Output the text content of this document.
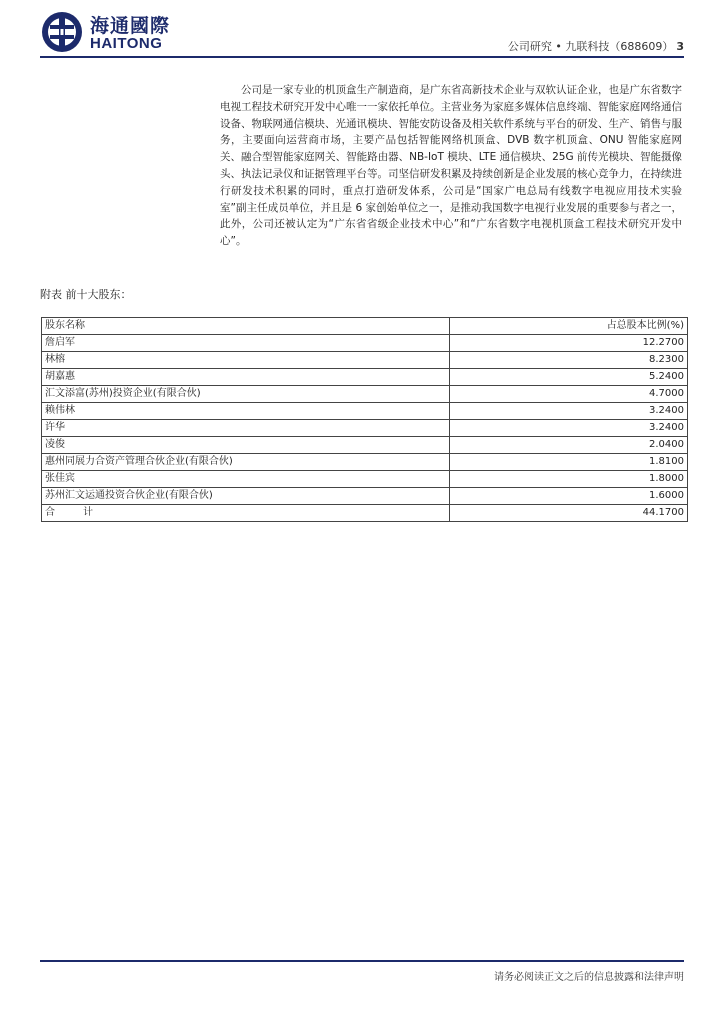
海通國際
HAITONG	公司研究 • 九联科技（688609） 3

公司是一家专业的机顶盒生产制造商，是广东省高新技术企业与双软认证企业，也是广东省数字电视工程技术研究开发中心唯一一家依托单位。主营业务为家庭多媒体信息终端、智能家庭网络通信设备、物联网通信模块、光通讯模块、智能安防设备及相关软件系统与平台的研发、生产、销售与服务，主要面向运营商市场，主要产品包括智能网络机顶盒、DVB 数字机顶盒、ONU 智能家庭网关、融合型智能家庭网关、智能路由器、NB-IoT 模块、LTE 通信模块、25G 前传光模块、智能摄像头、执法记录仪和证据管理平台等。司坚信研发积累及持续创新是企业发展的核心竞争力，在持续进行研发技术积累的同时，重点打造研发体系，公司是“国家广电总局有线数字电视应用技术实验室”副主任成员单位，并且是 6 家创始单位之一，是推动我国数字电视行业发展的重要参与者之一，此外，公司还被认定为“广东省省级企业技术中心”和“广东省数字电视机顶盒工程技术研究开发中心”。

附表 前十大股东：
股东名称	占总股本比例(%)
詹启军	12.2700
林榕	8.2300
胡嘉惠	5.2400
汇文添富(苏州)投资企业(有限合伙)	4.7000
赖伟林	3.2400
许华	3.2400
凌俊	2.0400
惠州同展力合资产管理合伙企业(有限合伙)	1.8100
张佳宾	1.8000
苏州汇文运通投资合伙企业(有限合伙)	1.6000
合计	44.1700
请务必阅读正文之后的信息披露和法律声明
